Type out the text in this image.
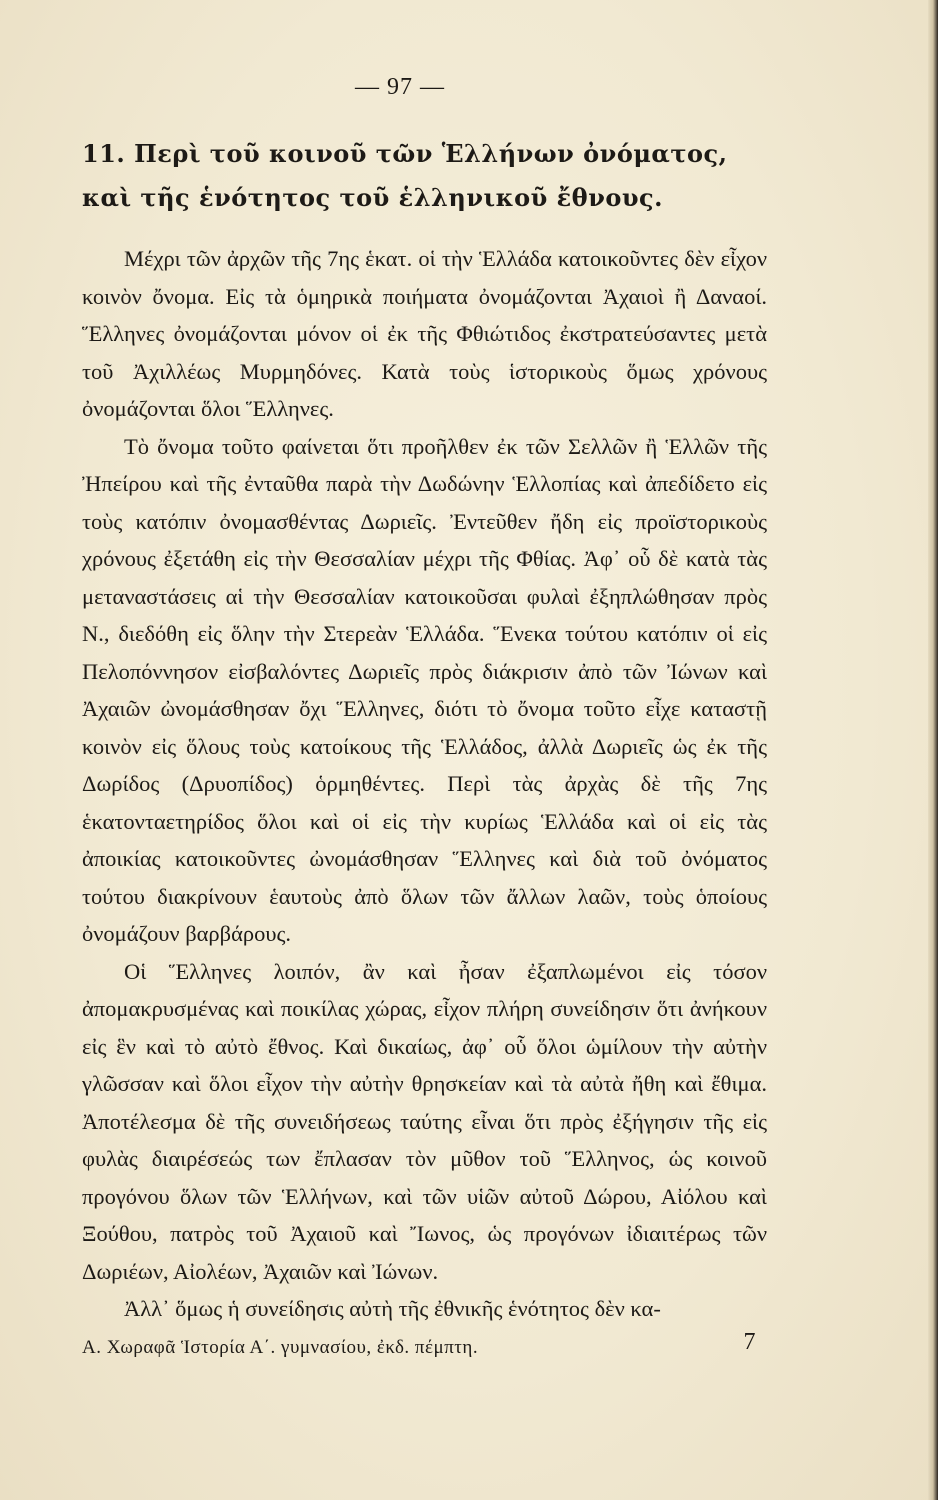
— 97 —
11. Περὶ τοῦ κοινοῦ τῶν Ἑλλήνων ὀνόματος, καὶ τῆς ἑνότητος τοῦ ἑλληνικοῦ ἔθνους.

Μέχρι τῶν ἀρχῶν τῆς 7ης ἑκατ. οἱ τὴν Ἑλλάδα κατοικοῦντες δὲν εἶχον κοινὸν ὄνομα. Εἰς τὰ ὁμηρικὰ ποιήματα ὀνομάζονται Ἀχαιοὶ ἢ Δαναοί. Ἕλληνες ὀνομάζονται μόνον οἱ ἐκ τῆς Φθιώτιδος ἐκστρατεύσαντες μετὰ τοῦ Ἀχιλλέως Μυρμηδόνες. Κατὰ τοὺς ἱστορικοὺς ὅμως χρόνους ὀνομάζονται ὅλοι Ἕλληνες.

Τὸ ὄνομα τοῦτο φαίνεται ὅτι προῆλθεν ἐκ τῶν Σελλῶν ἢ Ἑλλῶν τῆς Ἠπείρου καὶ τῆς ἐνταῦθα παρὰ τὴν Δωδώνην Ἑλλοπίας καὶ ἀπεδίδετο εἰς τοὺς κατόπιν ὀνομασθέντας Δωριεῖς. Ἐντεῦθεν ἤδη εἰς προϊστορικοὺς χρόνους ἐξετάθη εἰς τὴν Θεσσαλίαν μέχρι τῆς Φθίας. Ἀφ᾽ οὗ δὲ κατὰ τὰς μεταναστάσεις αἱ τὴν Θεσσαλίαν κατοικοῦσαι φυλαὶ ἐξηπλώθησαν πρὸς Ν., διεδόθη εἰς ὅλην τὴν Στερεὰν Ἑλλάδα. Ἕνεκα τούτου κατόπιν οἱ εἰς Πελοπόννησον εἰσβαλόντες Δωριεῖς πρὸς διάκρισιν ἀπὸ τῶν Ἰώνων καὶ Ἀχαιῶν ὠνομάσθησαν ὄχι Ἕλληνες, διότι τὸ ὄνομα τοῦτο εἶχε καταστῇ κοινὸν εἰς ὅλους τοὺς κατοίκους τῆς Ἑλλάδος, ἀλλὰ Δωριεῖς ὡς ἐκ τῆς Δωρίδος (Δρυοπίδος) ὁρμηθέντες. Περὶ τὰς ἀρχὰς δὲ τῆς 7ης ἑκατονταετηρίδος ὅλοι καὶ οἱ εἰς τὴν κυρίως Ἑλλάδα καὶ οἱ εἰς τὰς ἀποικίας κατοικοῦντες ὠνομάσθησαν Ἕλληνες καὶ διὰ τοῦ ὀνόματος τούτου διακρίνουν ἑαυτοὺς ἀπὸ ὅλων τῶν ἄλλων λαῶν, τοὺς ὁποίους ὀνομάζουν βαρβάρους.

Οἱ Ἕλληνες λοιπόν, ἂν καὶ ἦσαν ἐξαπλωμένοι εἰς τόσον ἀπομακρυσμένας καὶ ποικίλας χώρας, εἶχον πλήρη συνείδησιν ὅτι ἀνήκουν εἰς ἓν καὶ τὸ αὐτὸ ἔθνος. Καὶ δικαίως, ἀφ᾽ οὗ ὅλοι ὡμίλουν τὴν αὐτὴν γλῶσσαν καὶ ὅλοι εἶχον τὴν αὐτὴν θρησκείαν καὶ τὰ αὐτὰ ἤθη καὶ ἔθιμα. Ἀποτέλεσμα δὲ τῆς συνειδήσεως ταύτης εἶναι ὅτι πρὸς ἐξήγησιν τῆς εἰς φυλὰς διαιρέσεώς των ἔπλασαν τὸν μῦθον τοῦ Ἕλληνος, ὡς κοινοῦ προγόνου ὅλων τῶν Ἑλλήνων, καὶ τῶν υἱῶν αὐτοῦ Δώρου, Αἰόλου καὶ Ξούθου, πατρὸς τοῦ Ἀχαιοῦ καὶ Ἴωνος, ὡς προγόνων ἰδιαιτέρως τῶν Δωριέων, Αἰολέων, Ἀχαιῶν καὶ Ἰώνων.

Ἀλλ᾽ ὅμως ἡ συνείδησις αὐτὴ τῆς ἐθνικῆς ἑνότητος δὲν κα-

Α. Χωραφᾶ Ἱστορία Α΄. γυμνασίου, ἐκδ. πέμπτη.	7
